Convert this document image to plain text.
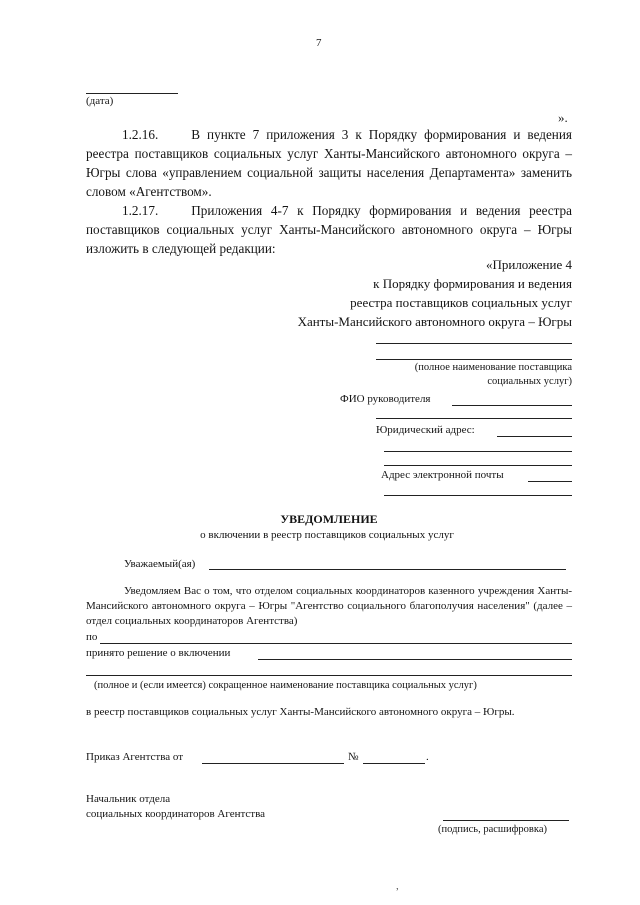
7
(дата)
».

1.2.16.    В пункте 7 приложения 3 к Порядку формирования и ведения реестра поставщиков социальных услуг Ханты-Мансийского автономного округа – Югры слова «управлением социальной защиты населения Департамента» заменить словом «Агентством».

1.2.17.    Приложения 4-7 к Порядку формирования и ведения реестра поставщиков социальных услуг Ханты-Мансийского автономного округа – Югры изложить в следующей редакции:

«Приложение 4
к Порядку формирования и ведения
реестра поставщиков социальных услуг
Ханты-Мансийского автономного округа – Югры
(полное наименование поставщика
социальных услуг)
ФИО руководителя
Юридический адрес:
Адрес электронной почты
УВЕДОМЛЕНИЕ
о включении в реестр поставщиков социальных услуг
Уважаемый(ая)

Уведомляем Вас о том, что отделом социальных координаторов казенного учреждения Ханты-Мансийского автономного округа – Югры "Агентство социального благополучия населения" (далее – отдел социальных координаторов Агентства)

по
принято решение о включении
(полное и (если имеется) сокращенное наименование поставщика социальных услуг)

в реестр поставщиков социальных услуг Ханты-Мансийского автономного округа – Югры.

Приказ Агентства от	№	.
Начальник отдела
социальных координаторов Агентства
(подпись, расшифровка)
,
